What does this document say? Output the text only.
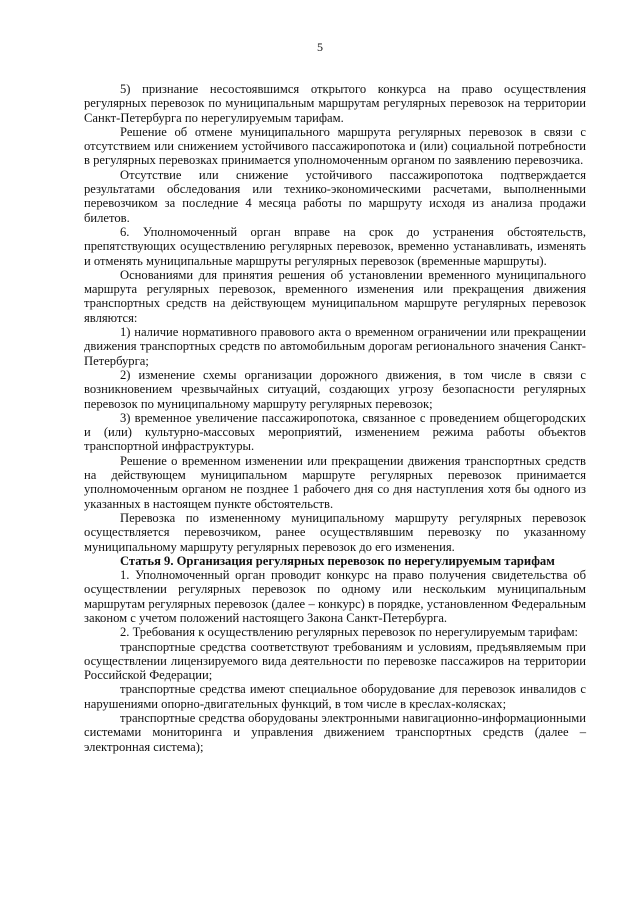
5

5) признание несостоявшимся открытого конкурса на право осуществления регулярных перевозок по муниципальным маршрутам регулярных перевозок на территории Санкт-Петербурга по нерегулируемым тарифам.

Решение об отмене муниципального маршрута регулярных перевозок в связи с отсутствием или снижением устойчивого пассажиропотока и (или) социальной потребности в регулярных перевозках принимается уполномоченным органом по заявлению перевозчика.

Отсутствие или снижение устойчивого пассажиропотока подтверждается результатами обследования или технико-экономическими расчетами, выполненными перевозчиком за последние 4 месяца работы по маршруту исходя из анализа продажи билетов.

6. Уполномоченный орган вправе на срок до устранения обстоятельств, препятствующих осуществлению регулярных перевозок, временно устанавливать, изменять и отменять муниципальные маршруты регулярных перевозок (временные маршруты).

Основаниями для принятия решения об установлении временного муниципального маршрута регулярных перевозок, временного изменения или прекращения движения транспортных средств на действующем муниципальном маршруте регулярных перевозок являются:

1) наличие нормативного правового акта о временном ограничении или прекращении движения транспортных средств по автомобильным дорогам регионального значения Санкт-Петербурга;

2) изменение схемы организации дорожного движения, в том числе в связи с возникновением чрезвычайных ситуаций, создающих угрозу безопасности регулярных перевозок по муниципальному маршруту регулярных перевозок;

3) временное увеличение пассажиропотока, связанное с проведением общегородских и (или) культурно-массовых мероприятий, изменением режима работы объектов транспортной инфраструктуры.

Решение о временном изменении или прекращении движения транспортных средств на действующем муниципальном маршруте регулярных перевозок принимается уполномоченным органом не позднее 1 рабочего дня со дня наступления хотя бы одного из указанных в настоящем пункте обстоятельств.

Перевозка по измененному муниципальному маршруту регулярных перевозок осуществляется перевозчиком, ранее осуществлявшим перевозку по указанному муниципальному маршруту регулярных перевозок до его изменения.

Статья 9. Организация регулярных перевозок по нерегулируемым тарифам

1. Уполномоченный орган проводит конкурс на право получения свидетельства об осуществлении регулярных перевозок по одному или нескольким муниципальным маршрутам регулярных перевозок (далее – конкурс) в порядке, установленном Федеральным законом с учетом положений настоящего Закона Санкт-Петербурга.

2. Требования к осуществлению регулярных перевозок по нерегулируемым тарифам:

транспортные средства соответствуют требованиям и условиям, предъявляемым при осуществлении лицензируемого вида деятельности по перевозке пассажиров на территории Российской Федерации;

транспортные средства имеют специальное оборудование для перевозок инвалидов с нарушениями опорно-двигательных функций, в том числе в креслах-колясках;

транспортные средства оборудованы электронными навигационно-информационными системами мониторинга и управления движением транспортных средств (далее – электронная система);
